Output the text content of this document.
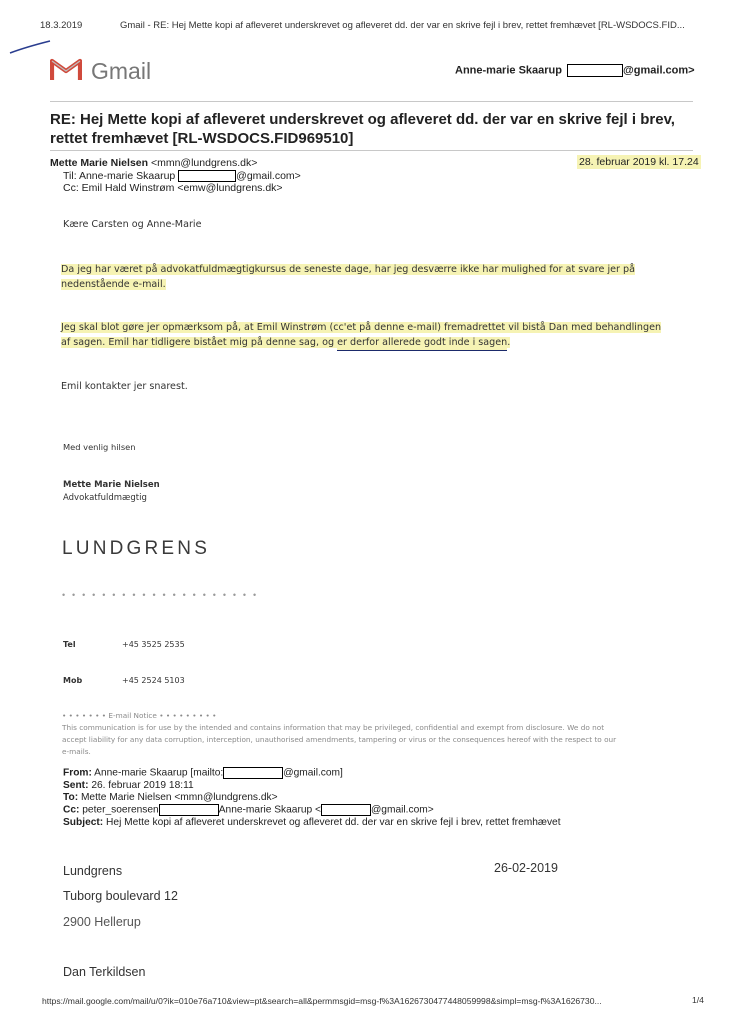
18.3.2019	Gmail - RE: Hej Mette kopi af afleveret underskrevet og afleveret dd. der var en skrive fejl i brev, rettet fremhævet [RL-WSDOCS.FID...
Gmail	Anne-marie Skaarup	@gmail.com>
RE: Hej Mette kopi af afleveret underskrevet og afleveret dd. der var en skrive fejl i brev, rettet fremhævet [RL-WSDOCS.FID969510]
Mette Marie Nielsen <mmn@lundgrens.dk>	28. februar 2019 kl. 17.24
Til: Anne-marie Skaarup	@gmail.com>
Cc: Emil Hald Winstrøm <emw@lundgrens.dk>
Kære Carsten og Anne-Marie
Da jeg har været på advokatfuldmægtigkursus de seneste dage, har jeg desværre ikke har mulighed for at svare jer på
nedenstående e-mail.
Jeg skal blot gøre jer opmærksom på, at Emil Winstrøm (cc'et på denne e-mail) fremadrettet vil bistå Dan med behandlingen
af sagen. Emil har tidligere bistået mig på denne sag, og er derfor allerede godt inde i sagen.
Emil kontakter jer snarest.
Med venlig hilsen
Mette Marie Nielsen
Advokatfuldmægtig
LUNDGRENS
• • • • • • • • • • • • • • • • • • • •
Tel	+45 3525 2535
Mob	+45 2524 5103
• • • • • • • E-mail Notice • • • • • • • • •
This communication is for use by the intended and contains information that may be privileged, confidential and exempt from disclosure. We do not
accept liability for any data corruption, interception, unauthorised amendments, tampering or virus or the consequences hereof with the respect to our
e-mails.
From: Anne-marie Skaarup [mailto:	@gmail.com]
Sent: 26. februar 2019 18:11
To: Mette Marie Nielsen <mmn@lundgrens.dk>
Cc: peter_soerensen	Anne-marie Skaarup <	@gmail.com>
Subject: Hej Mette kopi af afleveret underskrevet og afleveret dd. der var en skrive fejl i brev, rettet fremhævet
Lundgrens	26-02-2019
Tuborg boulevard 12
2900 Hellerup
Dan Terkildsen
https://mail.google.com/mail/u/0?ik=010e76a710&view=pt&search=all&permmsgid=msg-f%3A1626730477448059998&simpl=msg-f%3A1626730...	1/4
